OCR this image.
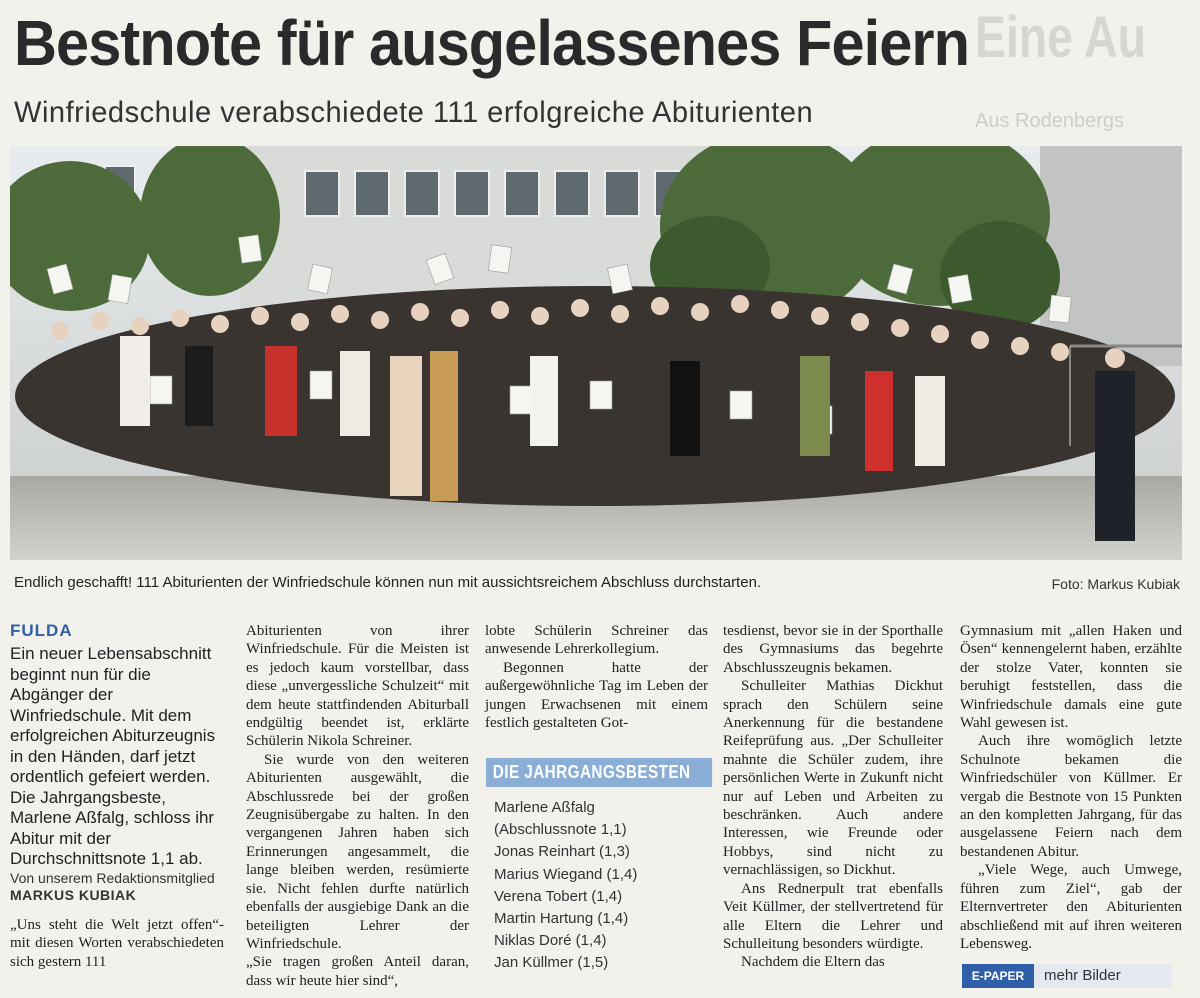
Eine Au
Aus Rodenbergs
Bestnote für ausgelassenes Feiern
Winfriedschule verabschiedete 111 erfolgreiche Abiturienten
Endlich geschafft! 111 Abiturienten der Winfriedschule können nun mit aussichtsreichem Abschluss durchstarten.	Foto: Markus Kubiak
FULDA

Ein neuer Lebensabschnitt beginnt nun für die Abgänger der Winfriedschule. Mit dem erfolgreichen Abiturzeugnis in den Händen, darf jetzt ordentlich gefeiert werden. Die Jahrgangsbeste, Marlene Aßfalg, schloss ihr Abitur mit der Durchschnittsnote 1,1 ab.

Von unserem Redaktionsmitglied

MARKUS KUBIAK

„Uns steht die Welt jetzt offen“- mit diesen Worten verabschiedeten sich gestern 111

Abiturienten von ihrer Winfriedschule. Für die Meisten ist es jedoch kaum vorstellbar, dass diese „unvergessliche Schulzeit“ mit dem heute stattfindenden Abiturball endgültig beendet ist, erklärte Schülerin Nikola Schreiner.

Sie wurde von den weiteren Abiturienten ausgewählt, die Abschlussrede bei der großen Zeugnisübergabe zu halten. In den vergangenen Jahren haben sich Erinnerungen angesammelt, die lange bleiben werden, resümierte sie. Nicht fehlen durfte natürlich ebenfalls der ausgiebige Dank an die beteiligten Lehrer der Winfriedschule.

„Sie tragen großen Anteil daran, dass wir heute hier sind“,

lobte Schülerin Schreiner das anwesende Lehrerkollegium.

Begonnen hatte der außergewöhnliche Tag im Leben der jungen Erwachsenen mit einem festlich gestalteten Got-

DIE JAHRGANGSBESTEN
Marlene Aßfalg
(Abschlussnote 1,1)
Jonas Reinhart (1,3)
Marius Wiegand (1,4)
Verena Tobert (1,4)
Martin Hartung (1,4)
Niklas Doré (1,4)
Jan Küllmer (1,5)

tesdienst, bevor sie in der Sporthalle des Gymnasiums das begehrte Abschlusszeugnis bekamen.

Schulleiter Mathias Dickhut sprach den Schülern seine Anerkennung für die bestandene Reifeprüfung aus. „Der Schulleiter mahnte die Schüler zudem, ihre persönlichen Werte in Zukunft nicht nur auf Leben und Arbeiten zu beschränken. Auch andere Interessen, wie Freunde oder Hobbys, sind nicht zu vernachlässigen, so Dickhut.

Ans Rednerpult trat ebenfalls Veit Küllmer, der stellvertretend für alle Eltern die Lehrer und Schulleitung besonders würdigte.

Nachdem die Eltern das

Gymnasium mit „allen Haken und Ösen“ kennengelernt haben, erzählte der stolze Vater, konnten sie beruhigt feststellen, dass die Winfriedschule damals eine gute Wahl gewesen ist.

Auch ihre womöglich letzte Schulnote bekamen die Winfriedschüler von Küllmer. Er vergab die Bestnote von 15 Punkten an den kompletten Jahrgang, für das ausgelassene Feiern nach dem bestandenen Abitur.

„Viele Wege, auch Umwege, führen zum Ziel“, gab der Elternvertreter den Abiturienten abschließend mit auf ihren weiteren Lebensweg.

E-PAPER	mehr Bilder
